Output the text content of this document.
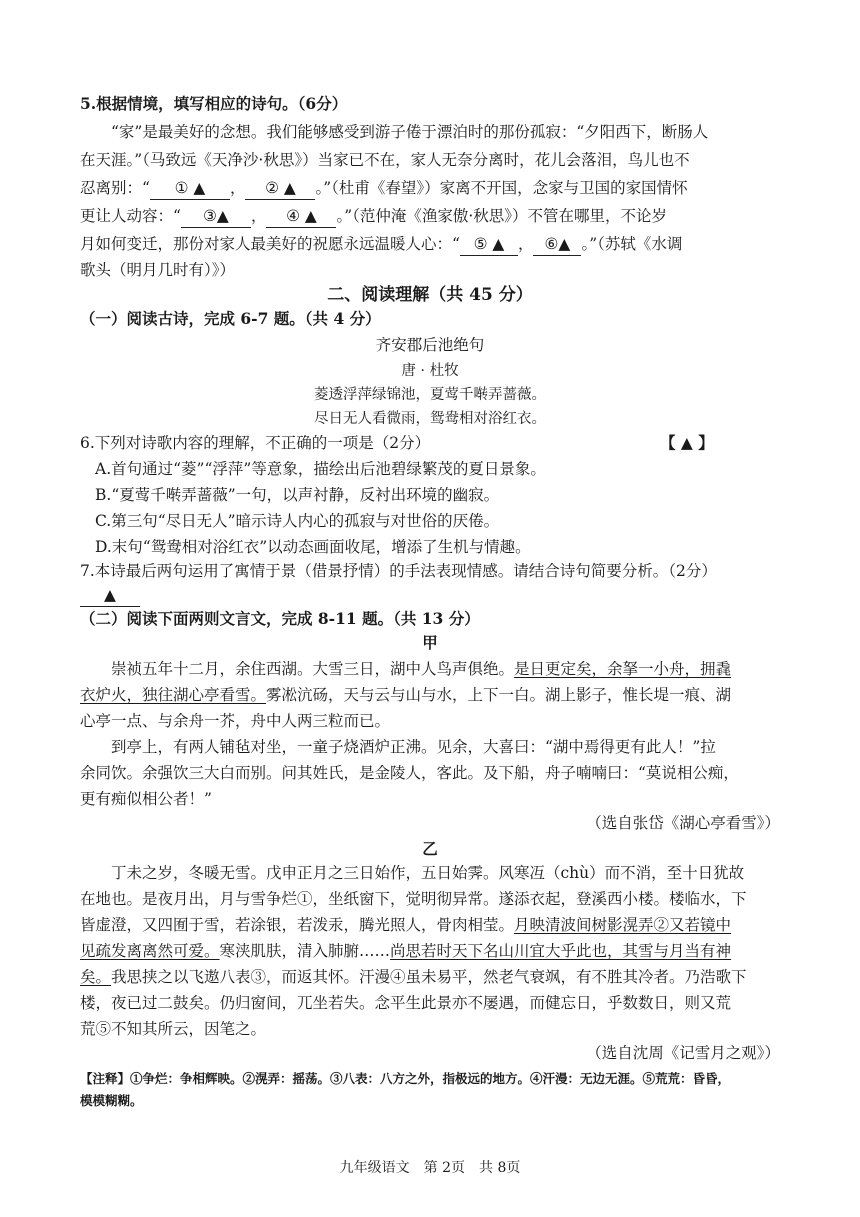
5.根据情境，填写相应的诗句。（6分）
“家”是最美好的念想。我们能够感受到游子倦于漂泊时的那份孤寂：“夕阳西下，断肠人
在天涯。”（马致远《天净沙·秋思》）当家已不在，家人无奈分离时，花儿会落泪，鸟儿也不
忍离别：“ ① ▲ ， ② ▲ 。”（杜甫《春望》）家离不开国，念家与卫国的家国情怀
更让人动容：“ ③▲ ， ④ ▲ 。”（范仲淹《渔家傲·秋思》）不管在哪里，不论岁
月如何变迁，那份对家人最美好的祝愿永远温暖人心：“ ⑤ ▲ ， ⑥▲ 。”（苏轼《水调
歌头（明月几时有）》）
二、阅读理解（共 45 分）
（一）阅读古诗，完成 6-7 题。（共 4 分）
齐安郡后池绝句
唐 · 杜牧
菱透浮萍绿锦池，夏莺千啭弄蔷薇。
尽日无人看微雨，鸳鸯相对浴红衣。
6.下列对诗歌内容的理解，不正确的一项是（2分）	【 ▲ 】
A.首句通过“菱”“浮萍”等意象，描绘出后池碧绿繁茂的夏日景象。
B.“夏莺千啭弄蔷薇”一句，以声衬静，反衬出环境的幽寂。
C.第三句“尽日无人”暗示诗人内心的孤寂与对世俗的厌倦。
D.末句“鸳鸯相对浴红衣”以动态画面收尾，增添了生机与情趣。
7.本诗最后两句运用了寓情于景（借景抒情）的手法表现情感。请结合诗句简要分析。（2分）
▲
（二）阅读下面两则文言文，完成 8-11 题。（共 13 分）
甲
崇祯五年十二月，余住西湖。大雪三日，湖中人鸟声俱绝。是日更定矣，余拏一小舟，拥毳
衣炉火，独往湖心亭看雪。雾凇沆砀，天与云与山与水，上下一白。湖上影子，惟长堤一痕、湖
心亭一点、与余舟一芥，舟中人两三粒而已。
到亭上，有两人铺毡对坐，一童子烧酒炉正沸。见余，大喜曰：“湖中焉得更有此人！”拉
余同饮。余强饮三大白而别。问其姓氏，是金陵人，客此。及下船，舟子喃喃曰：“莫说相公痴，
更有痴似相公者！”
（选自张岱《湖心亭看雪》）
乙
丁未之岁，冬暖无雪。戊申正月之三日始作，五日始霁。风寒冱（chù）而不消，至十日犹故
在地也。是夜月出，月与雪争烂①，坐纸窗下，觉明彻异常。遂添衣起，登溪西小楼。楼临水，下
皆虚澄，又四囿于雪，若涂银，若泼汞，腾光照人，骨肉相莹。月映清波间树影滉弄②又若镜中
见疏发离离然可爱。寒浃肌肤，清入肺腑……尚思若时天下名山川宜大乎此也，其雪与月当有神
矣。我思挟之以飞遨八表③，而返其怀。汗漫④虽未易平，然老气衰飒，有不胜其冷者。乃浩歌下
楼，夜已过二鼓矣。仍归窗间，兀坐若失。念平生此景亦不屡遇，而健忘日，乎数数日，则又荒
荒⑤不知其所云，因笔之。
（选自沈周《记雪月之观》）
【注释】①争烂：争相辉映。②滉弄：摇荡。③八表：八方之外，指极远的地方。④汗漫：无边无涯。⑤荒荒：昏昏，
模模糊糊。
九年级语文　第 2页　共 8页
